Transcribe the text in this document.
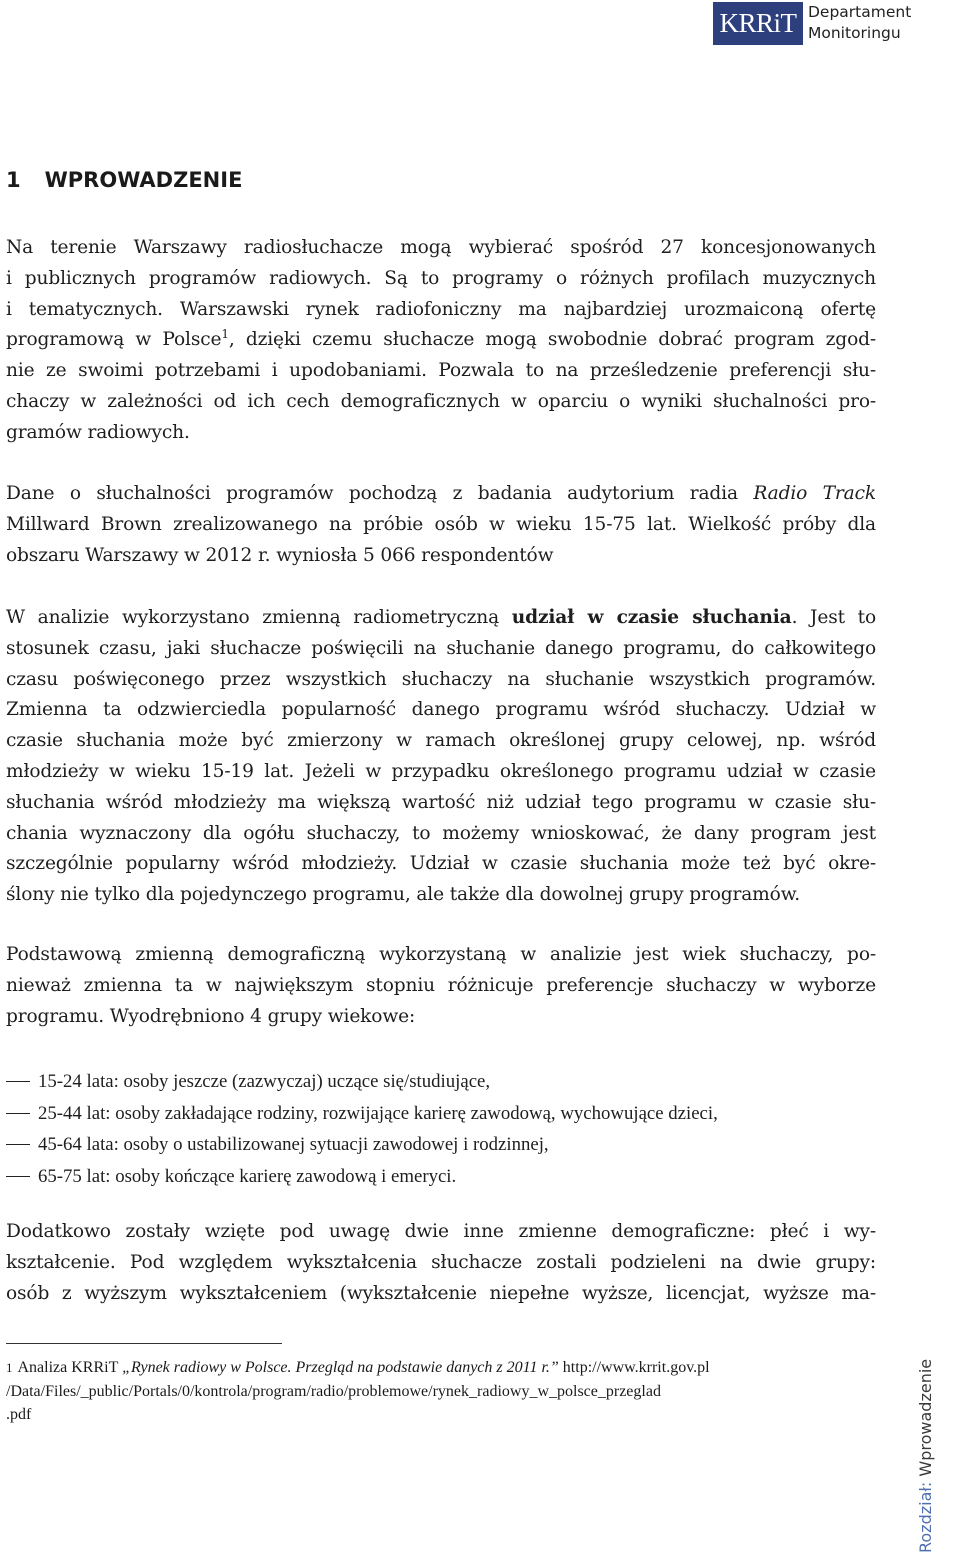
KRRiT Departament
Monitoringu
1 WPROWADZENIE
Na terenie Warszawy radiosłuchacze mogą wybierać spośród 27 koncesjonowanych
i publicznych programów radiowych. Są to programy o różnych profilach muzycznych
i tematycznych. Warszawski rynek radiofoniczny ma najbardziej urozmaiconą ofertę
programową w Polsce$^1$, dzięki czemu słuchacze mogą swobodnie dobrać program zgod-
nie ze swoimi potrzebami i upodobaniami. Pozwala to na prześledzenie preferencji słu-
chaczy w zależności od ich cech demograficznych w oparciu o wyniki słuchalności pro-
gramów radiowych.
Dane o słuchalności programów pochodzą z badania audytorium radia Radio Track
Millward Brown zrealizowanego na próbie osób w wieku 15-75 lat. Wielkość próby dla
obszaru Warszawy w 2012 r. wyniosła 5 066 respondentów
W analizie wykorzystano zmienną radiometryczną udział w czasie słuchania. Jest to
stosunek czasu, jaki słuchacze poświęcili na słuchanie danego programu, do całkowitego
czasu poświęconego przez wszystkich słuchaczy na słuchanie wszystkich programów.
Zmienna ta odzwierciedla popularność danego programu wśród słuchaczy. Udział w
czasie słuchania może być zmierzony w ramach określonej grupy celowej, np. wśród
młodzieży w wieku 15-19 lat. Jeżeli w przypadku określonego programu udział w czasie
słuchania wśród młodzieży ma większą wartość niż udział tego programu w czasie słu-
chania wyznaczony dla ogółu słuchaczy, to możemy wnioskować, że dany program jest
szczególnie popularny wśród młodzieży. Udział w czasie słuchania może też być okre-
ślony nie tylko dla pojedynczego programu, ale także dla dowolnej grupy programów.
Podstawową zmienną demograficzną wykorzystaną w analizie jest wiek słuchaczy, po-
nieważ zmienna ta w największym stopniu różnicuje preferencje słuchaczy w wyborze
programu. Wyodrębniono 4 grupy wiekowe:
15-24 lata: osoby jeszcze (zazwyczaj) uczące się/studiujące,
25-44 lat: osoby zakładające rodziny, rozwijające karierę zawodową, wychowujące dzieci,
45-64 lata: osoby o ustabilizowanej sytuacji zawodowej i rodzinnej,
65-75 lat: osoby kończące karierę zawodową i emeryci.
Dodatkowo zostały wzięte pod uwagę dwie inne zmienne demograficzne: płeć i wy-
kształcenie. Pod względem wykształcenia słuchacze zostali podzieleni na dwie grupy:
osób z wyższym wykształceniem (wykształcenie niepełne wyższe, licencjat, wyższe ma-
1 Analiza KRRiT „Rynek radiowy w Polsce. Przegląd na podstawie danych z 2011 r.” http://www.krrit.gov.pl
/Data/Files/_public/Portals/0/kontrola/program/radio/problemowe/rynek_radiowy_w_polsce_przeglad
.pdf
Rozdział: Wprowadzenie
